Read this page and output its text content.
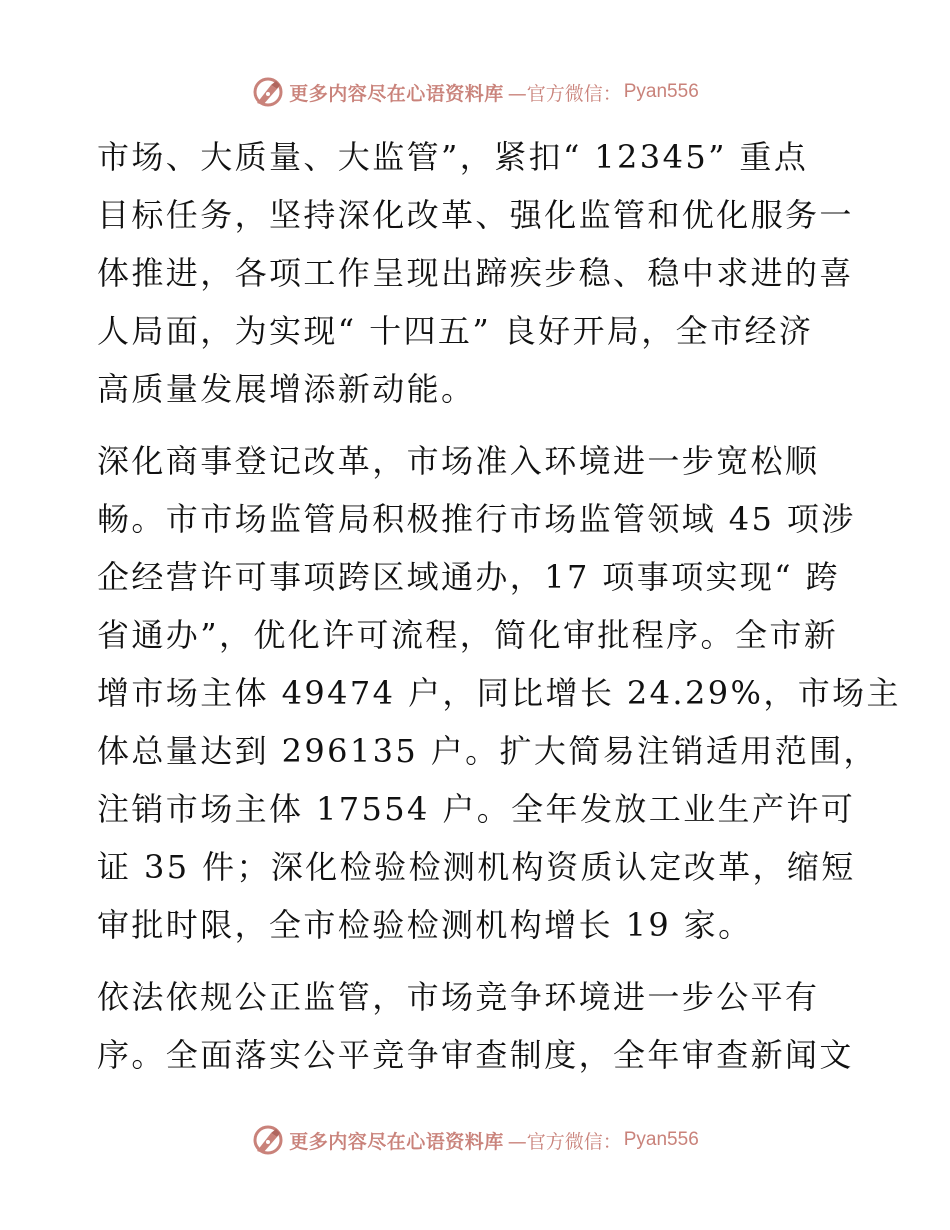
更多内容尽在心语资料库 —官方微信： Pyan556
市场、大质量、大监管”，紧扣“ 12345” 重点
目标任务，坚持深化改革、强化监管和优化服务一
体推进，各项工作呈现出蹄疾步稳、稳中求进的喜
人局面，为实现“ 十四五” 良好开局，全市经济
高质量发展增添新动能。
深化商事登记改革，市场准入环境进一步宽松顺
畅。市市场监管局积极推行市场监管领域 45 项涉
企经营许可事项跨区域通办，17 项事项实现“ 跨
省通办”，优化许可流程，简化审批程序。全市新
增市场主体 49474 户，同比增长 24.29%，市场主
体总量达到 296135 户。扩大简易注销适用范围，
注销市场主体 17554 户。全年发放工业生产许可
证 35 件；深化检验检测机构资质认定改革，缩短
审批时限，全市检验检测机构增长 19 家。
依法依规公正监管，市场竞争环境进一步公平有
序。全面落实公平竞争审查制度，全年审查新闻文
更多内容尽在心语资料库 —官方微信： Pyan556
